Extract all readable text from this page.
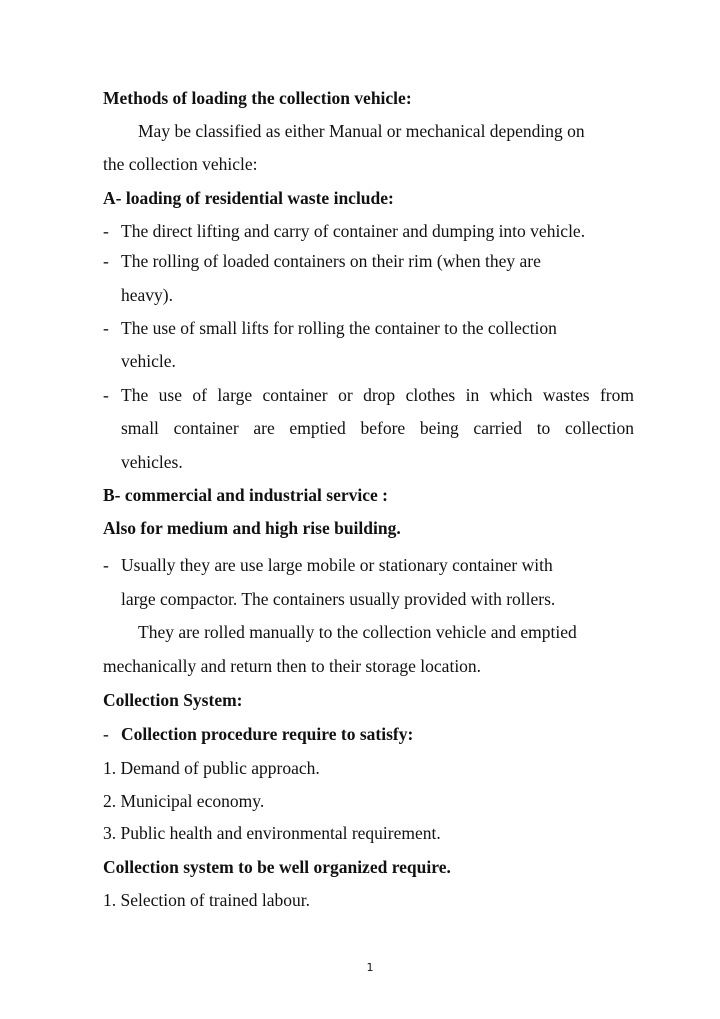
Methods of loading the collection vehicle:
May be classified as either Manual or mechanical depending on
the collection vehicle:
A- loading of residential waste include:
- The direct lifting and carry of container and dumping into vehicle.
- The rolling of loaded containers on their rim (when they are
heavy).
- The use of small lifts for rolling the container to the collection
vehicle.
- The use of large container or drop clothes in which wastes from
small container are emptied before being carried to collection
vehicles.
B- commercial and industrial service :
Also for medium and high rise building.
- Usually they are use large mobile or stationary container with
large compactor. The containers usually provided with rollers.
They are rolled manually to the collection vehicle and emptied
mechanically and return then to their storage location.
Collection System:
- Collection procedure require to satisfy:
1. Demand of public approach.
2. Municipal economy.
3. Public health and environmental requirement.
Collection system to be well organized require.
1. Selection of trained labour.
1
